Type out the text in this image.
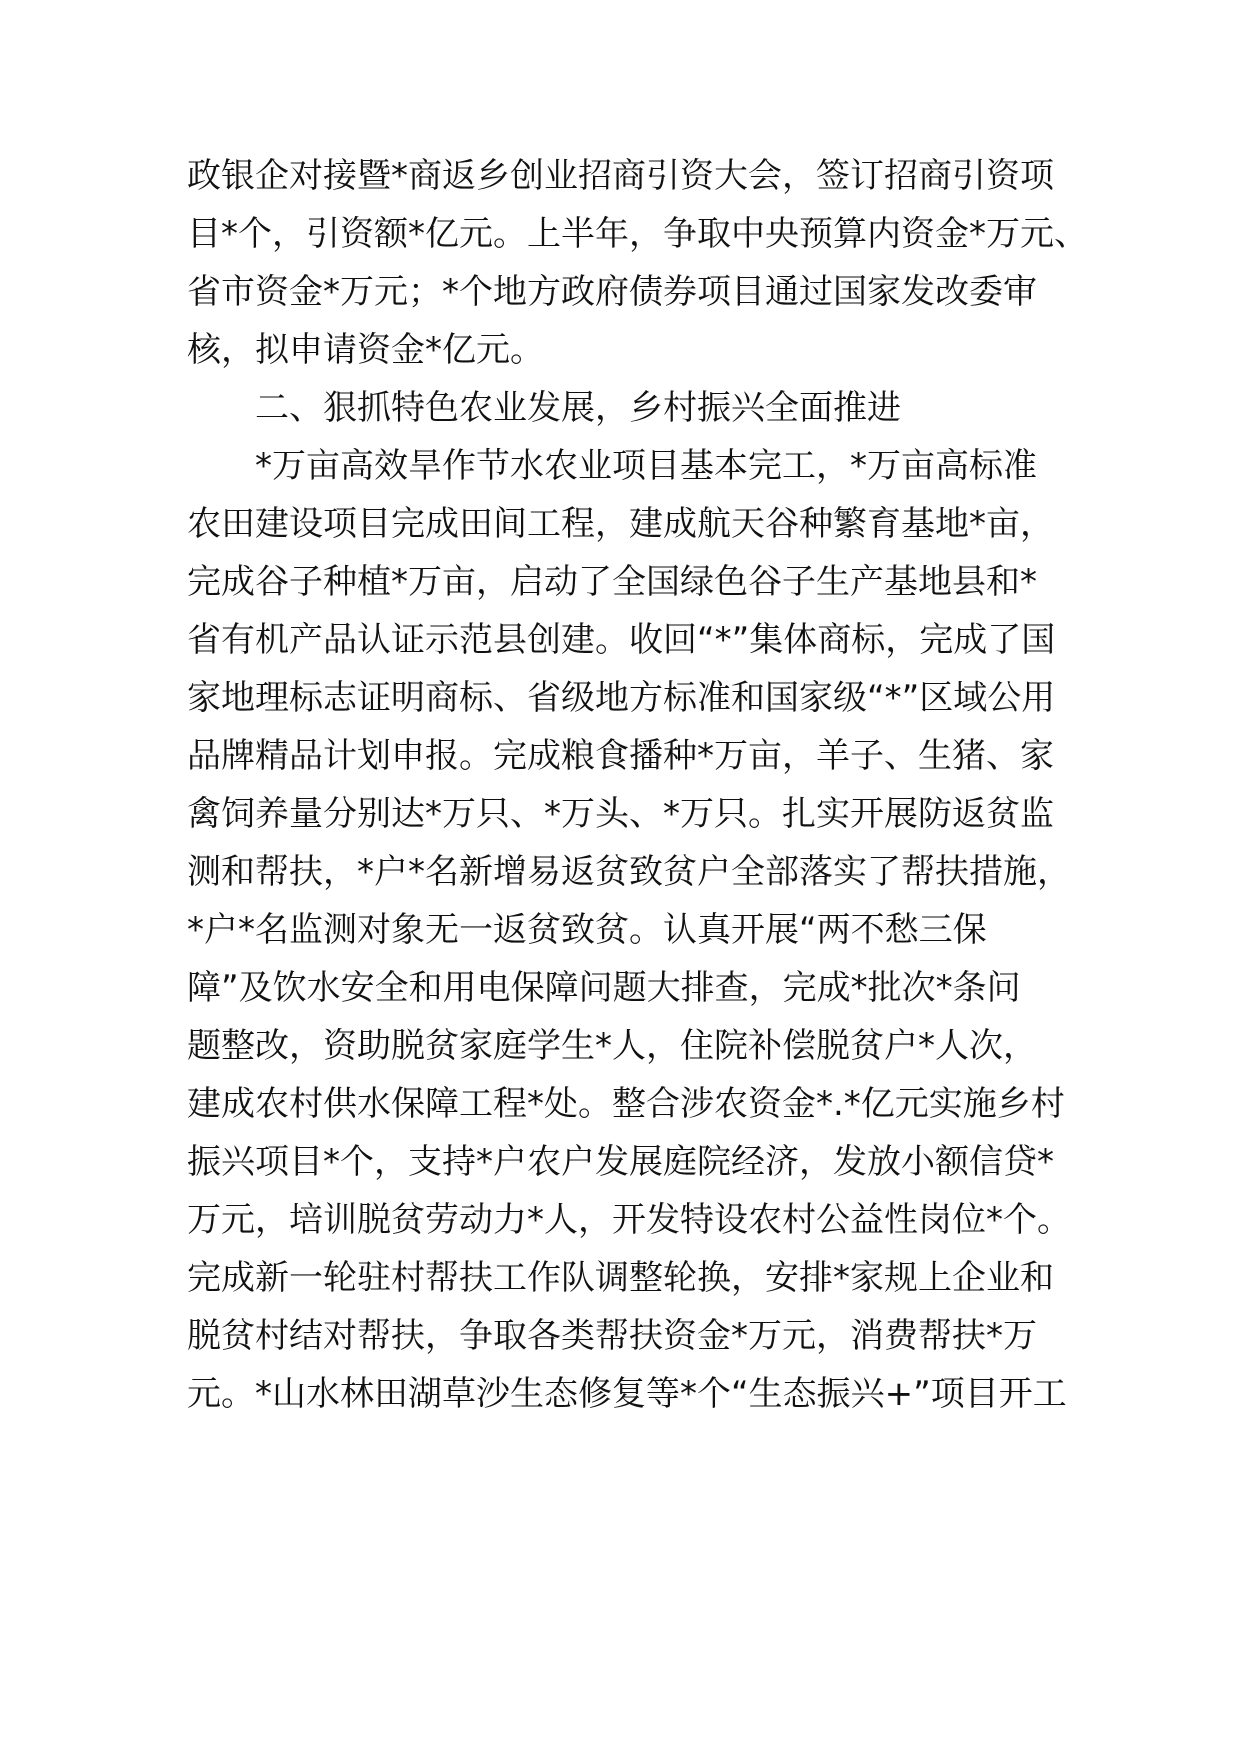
政银企对接暨*商返乡创业招商引资大会，签订招商引资项
目*个，引资额*亿元。上半年，争取中央预算内资金*万元、
省市资金*万元；*个地方政府债券项目通过国家发改委审
核，拟申请资金*亿元。
二、狠抓特色农业发展，乡村振兴全面推进
*万亩高效旱作节水农业项目基本完工，*万亩高标准
农田建设项目完成田间工程，建成航天谷种繁育基地*亩，
完成谷子种植*万亩，启动了全国绿色谷子生产基地县和*
省有机产品认证示范县创建。收回“*”集体商标，完成了国
家地理标志证明商标、省级地方标准和国家级“*”区域公用
品牌精品计划申报。完成粮食播种*万亩，羊子、生猪、家
禽饲养量分别达*万只、*万头、*万只。扎实开展防返贫监
测和帮扶，*户*名新增易返贫致贫户全部落实了帮扶措施，
*户*名监测对象无一返贫致贫。认真开展“两不愁三保
障”及饮水安全和用电保障问题大排查，完成*批次*条问
题整改，资助脱贫家庭学生*人，住院补偿脱贫户*人次，
建成农村供水保障工程*处。整合涉农资金*.*亿元实施乡村
振兴项目*个，支持*户农户发展庭院经济，发放小额信贷*
万元，培训脱贫劳动力*人，开发特设农村公益性岗位*个。
完成新一轮驻村帮扶工作队调整轮换，安排*家规上企业和
脱贫村结对帮扶，争取各类帮扶资金*万元，消费帮扶*万
元。*山水林田湖草沙生态修复等*个“生态振兴+”项目开工
